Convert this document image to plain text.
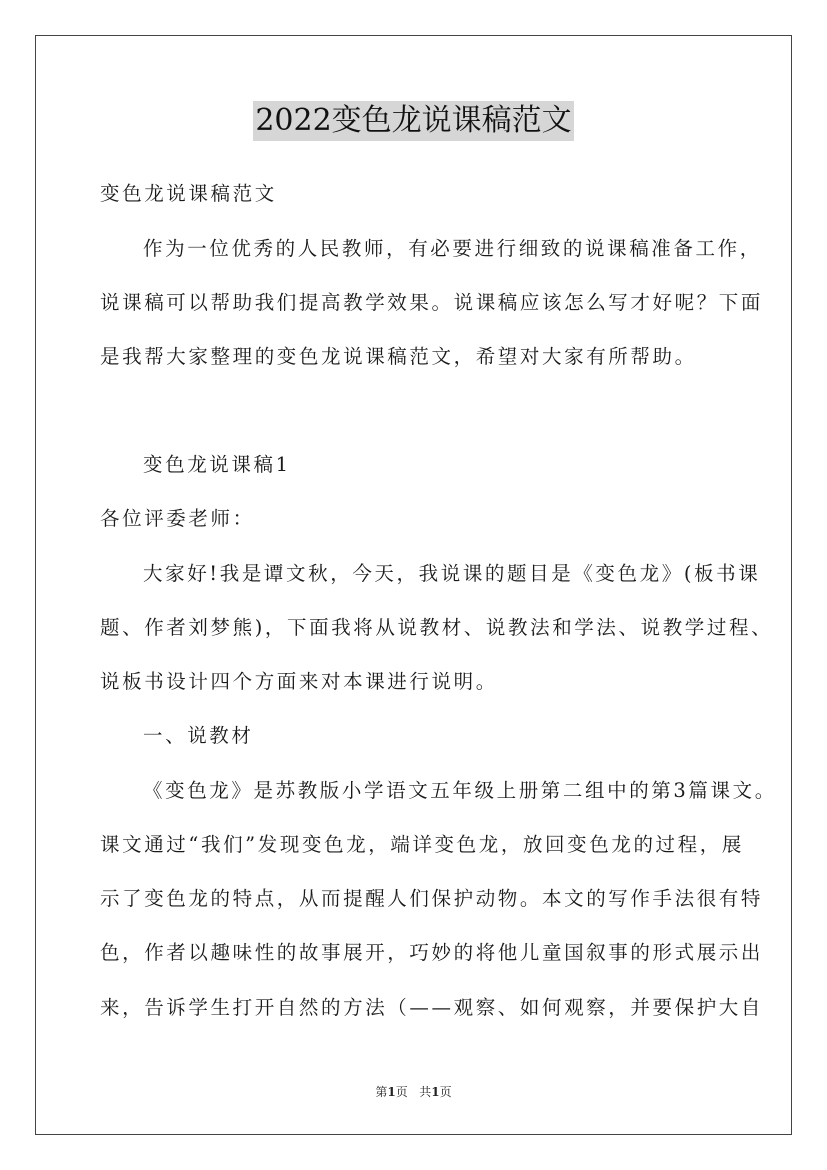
2022变色龙说课稿范文
变色龙说课稿范文
作为一位优秀的人民教师，有必要进行细致的说课稿准备工作，
说课稿可以帮助我们提高教学效果。说课稿应该怎么写才好呢？下面
是我帮大家整理的变色龙说课稿范文，希望对大家有所帮助。
变色龙说课稿1
各位评委老师：
大家好!我是谭文秋，今天，我说课的题目是《变色龙》(板书课
题、作者刘梦熊)，下面我将从说教材、说教法和学法、说教学过程、
说板书设计四个方面来对本课进行说明。
一、说教材
《变色龙》是苏教版小学语文五年级上册第二组中的第3篇课文。
课文通过“我们”发现变色龙，端详变色龙，放回变色龙的过程，展
示了变色龙的特点，从而提醒人们保护动物。本文的写作手法很有特
色，作者以趣味性的故事展开，巧妙的将他儿童国叙事的形式展示出
来，告诉学生打开自然的方法（——观察、如何观察，并要保护大自
第1页 共1页
